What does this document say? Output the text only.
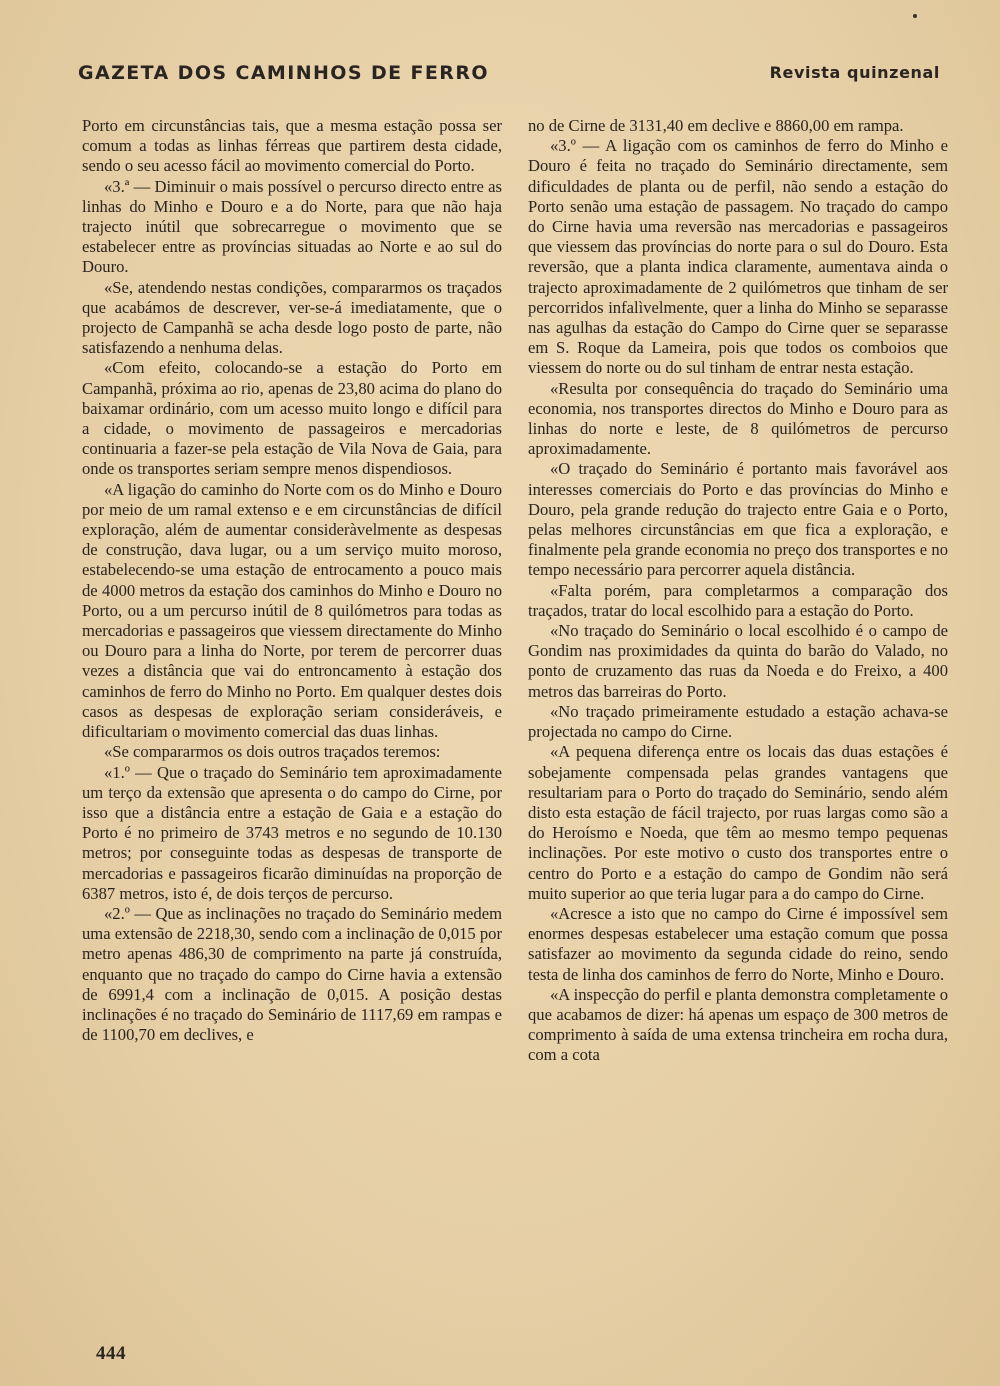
GAZETA DOS CAMINHOS DE FERRO	Revista quinzenal

Porto em circunstâncias tais, que a mesma estação possa ser comum a todas as linhas férreas que partirem desta cidade, sendo o seu acesso fácil ao movimento comercial do Porto.

«3.ª — Diminuir o mais possível o percurso directo entre as linhas do Minho e Douro e a do Norte, para que não haja trajecto inútil que sobrecarregue o movimento que se estabelecer entre as províncias situadas ao Norte e ao sul do Douro.

«Se, atendendo nestas condições, compararmos os traçados que acabámos de descrever, ver-se-á imediatamente, que o projecto de Campanhã se acha desde logo posto de parte, não satisfazendo a nenhuma delas.

«Com efeito, colocando-se a estação do Porto em Campanhã, próxima ao rio, apenas de 23,80 acima do plano do baixamar ordinário, com um acesso muito longo e difícil para a cidade, o movimento de passageiros e mercadorias continuaria a fazer-se pela estação de Vila Nova de Gaia, para onde os transportes seriam sempre menos dispendiosos.

«A ligação do caminho do Norte com os do Minho e Douro por meio de um ramal extenso e e em circunstâncias de difícil exploração, além de aumentar consideràvelmente as despesas de construção, dava lugar, ou a um serviço muito moroso, estabelecendo-se uma estação de entrocamento a pouco mais de 4000 metros da estação dos caminhos do Minho e Douro no Porto, ou a um percurso inútil de 8 quilómetros para todas as mercadorias e passageiros que viessem directamente do Minho ou Douro para a linha do Norte, por terem de percorrer duas vezes a distância que vai do entroncamento à estação dos caminhos de ferro do Minho no Porto. Em qualquer destes dois casos as despesas de exploração seriam consideráveis, e dificultariam o movimento comercial das duas linhas.

«Se compararmos os dois outros traçados teremos:

«1.º — Que o traçado do Seminário tem aproximadamente um terço da extensão que apresenta o do campo do Cirne, por isso que a distância entre a estação de Gaia e a estação do Porto é no primeiro de 3743 metros e no segundo de 10.130 metros; por conseguinte todas as despesas de transporte de mercadorias e passageiros ficarão diminuídas na proporção de 6387 metros, isto é, de dois terços de percurso.

«2.º — Que as inclinações no traçado do Seminário medem uma extensão de 2218,30, sendo com a inclinação de 0,015 por metro apenas 486,30 de comprimento na parte já construída, enquanto que no traçado do campo do Cirne havia a extensão de 6991,4 com a inclinação de 0,015. A posição destas inclinações é no traçado do Seminário de 1117,69 em rampas e de 1100,70 em declives, e

no de Cirne de 3131,40 em declive e 8860,00 em rampa.

«3.º — A ligação com os caminhos de ferro do Minho e Douro é feita no traçado do Seminário directamente, sem dificuldades de planta ou de perfil, não sendo a estação do Porto senão uma estação de passagem. No traçado do campo do Cirne havia uma reversão nas mercadorias e passageiros que viessem das províncias do norte para o sul do Douro. Esta reversão, que a planta indica claramente, aumentava ainda o trajecto aproximadamente de 2 quilómetros que tinham de ser percorridos infalìvelmente, quer a linha do Minho se separasse nas agulhas da estação do Campo do Cirne quer se separasse em S. Roque da Lameira, pois que todos os comboios que viessem do norte ou do sul tinham de entrar nesta estação.

«Resulta por consequência do traçado do Seminário uma economia, nos transportes directos do Minho e Douro para as linhas do norte e leste, de 8 quilómetros de percurso aproximadamente.

«O traçado do Seminário é portanto mais favorável aos interesses comerciais do Porto e das províncias do Minho e Douro, pela grande redução do trajecto entre Gaia e o Porto, pelas melhores circunstâncias em que fica a exploração, e finalmente pela grande economia no preço dos transportes e no tempo necessário para percorrer aquela distância.

«Falta porém, para completarmos a comparação dos traçados, tratar do local escolhido para a estação do Porto.

«No traçado do Seminário o local escolhido é o campo de Gondim nas proximidades da quinta do barão do Valado, no ponto de cruzamento das ruas da Noeda e do Freixo, a 400 metros das barreiras do Porto.

«No traçado primeiramente estudado a estação achava-se projectada no campo do Cirne.

«A pequena diferença entre os locais das duas estações é sobejamente compensada pelas grandes vantagens que resultariam para o Porto do traçado do Seminário, sendo além disto esta estação de fácil trajecto, por ruas largas como são a do Heroísmo e Noeda, que têm ao mesmo tempo pequenas inclinações. Por este motivo o custo dos transportes entre o centro do Porto e a estação do campo de Gondim não será muito superior ao que teria lugar para a do campo do Cirne.

«Acresce a isto que no campo do Cirne é impossível sem enormes despesas estabelecer uma estação comum que possa satisfazer ao movimento da segunda cidade do reino, sendo testa de linha dos caminhos de ferro do Norte, Minho e Douro.

«A inspecção do perfil e planta demonstra completamente o que acabamos de dizer: há apenas um espaço de 300 metros de comprimento à saída de uma extensa trincheira em rocha dura, com a cota

444
